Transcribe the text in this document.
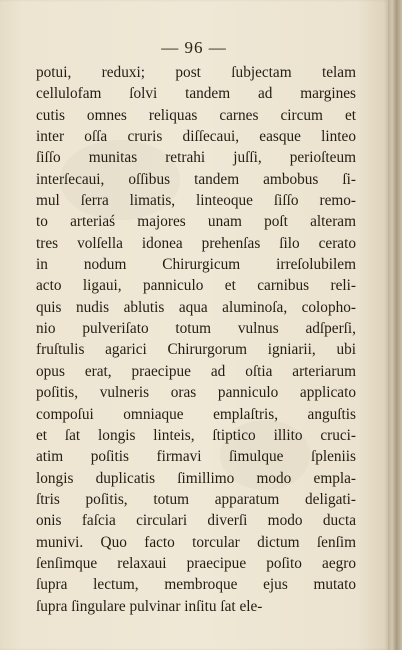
— 96 —
potui, reduxi; post ſubjectam telam
cellulofam ſolvi tandem ad margines
cutis omnes reliquas carnes circum et
inter oſſa cruris diſſecaui, easque linteo
ſiſſo munitas retrahi juſſi, perioſteum
interſecaui, oſſibus tandem ambobus ſi-
mul ſerra limatis, linteoque ſiſſo remo-
to arteriaś majores unam poſt alteram
tres volſella idonea prehenſas ſilo cerato
in nodum Chirurgicum irreſolubilem
acto ligaui, panniculo et carnibus reli-
quis nudis ablutis aqua aluminoſa, colopho-
nio pulveriſato totum vulnus adſperſi,
fruſtulis agarici Chirurgorum igniarii, ubi
opus erat, praecipue ad oſtia arteriarum
poſitis, vulneris oras panniculo applicato
compoſui omniaque emplaſtris, anguſtis
et ſat longis linteis, ſtiptico illito cruci-
atim poſitis firmavi ſimulque ſpleniis
longis duplicatis ſimillimo modo empla-
ſtris poſitis, totum apparatum deligati-
onis faſcia circulari diverſi modo ducta
munivi. Quo facto torcular dictum ſenſim
ſenſimque relaxaui praecipue poſito aegro
ſupra lectum, membroque ejus mutato
ſupra ſingulare pulvinar inſitu ſat ele-
